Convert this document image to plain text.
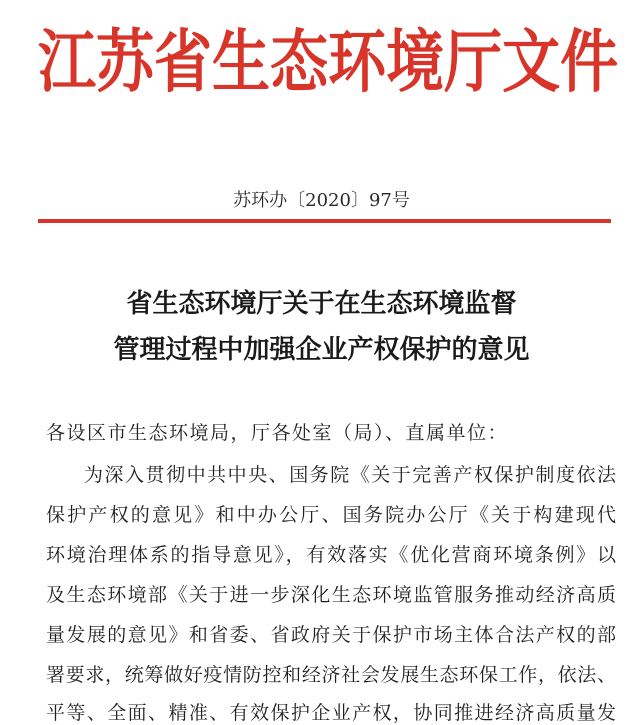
江 苏 省 生 态 环 境 厅 文 件
苏环办〔2020〕97号
省生态环境厅关于在生态环境监督
管理过程中加强企业产权保护的意见
各设区市生态环境局，厅各处室（局）、直属单位：
为深入贯彻中共中央、国务院《关于完善产权保护制度依法
保护产权的意见》和中办公厅、国务院办公厅《关于构建现代
环境治理体系的指导意见》，有效落实《优化营商环境条例》以
及生态环境部《关于进一步深化生态环境监管服务推动经济高质
量发展的意见》和省委、省政府关于保护市场主体合法产权的部
署要求，统筹做好疫情防控和经济社会发展生态环保工作，依法、
平等、全面、精准、有效保护企业产权，协同推进经济高质量发
